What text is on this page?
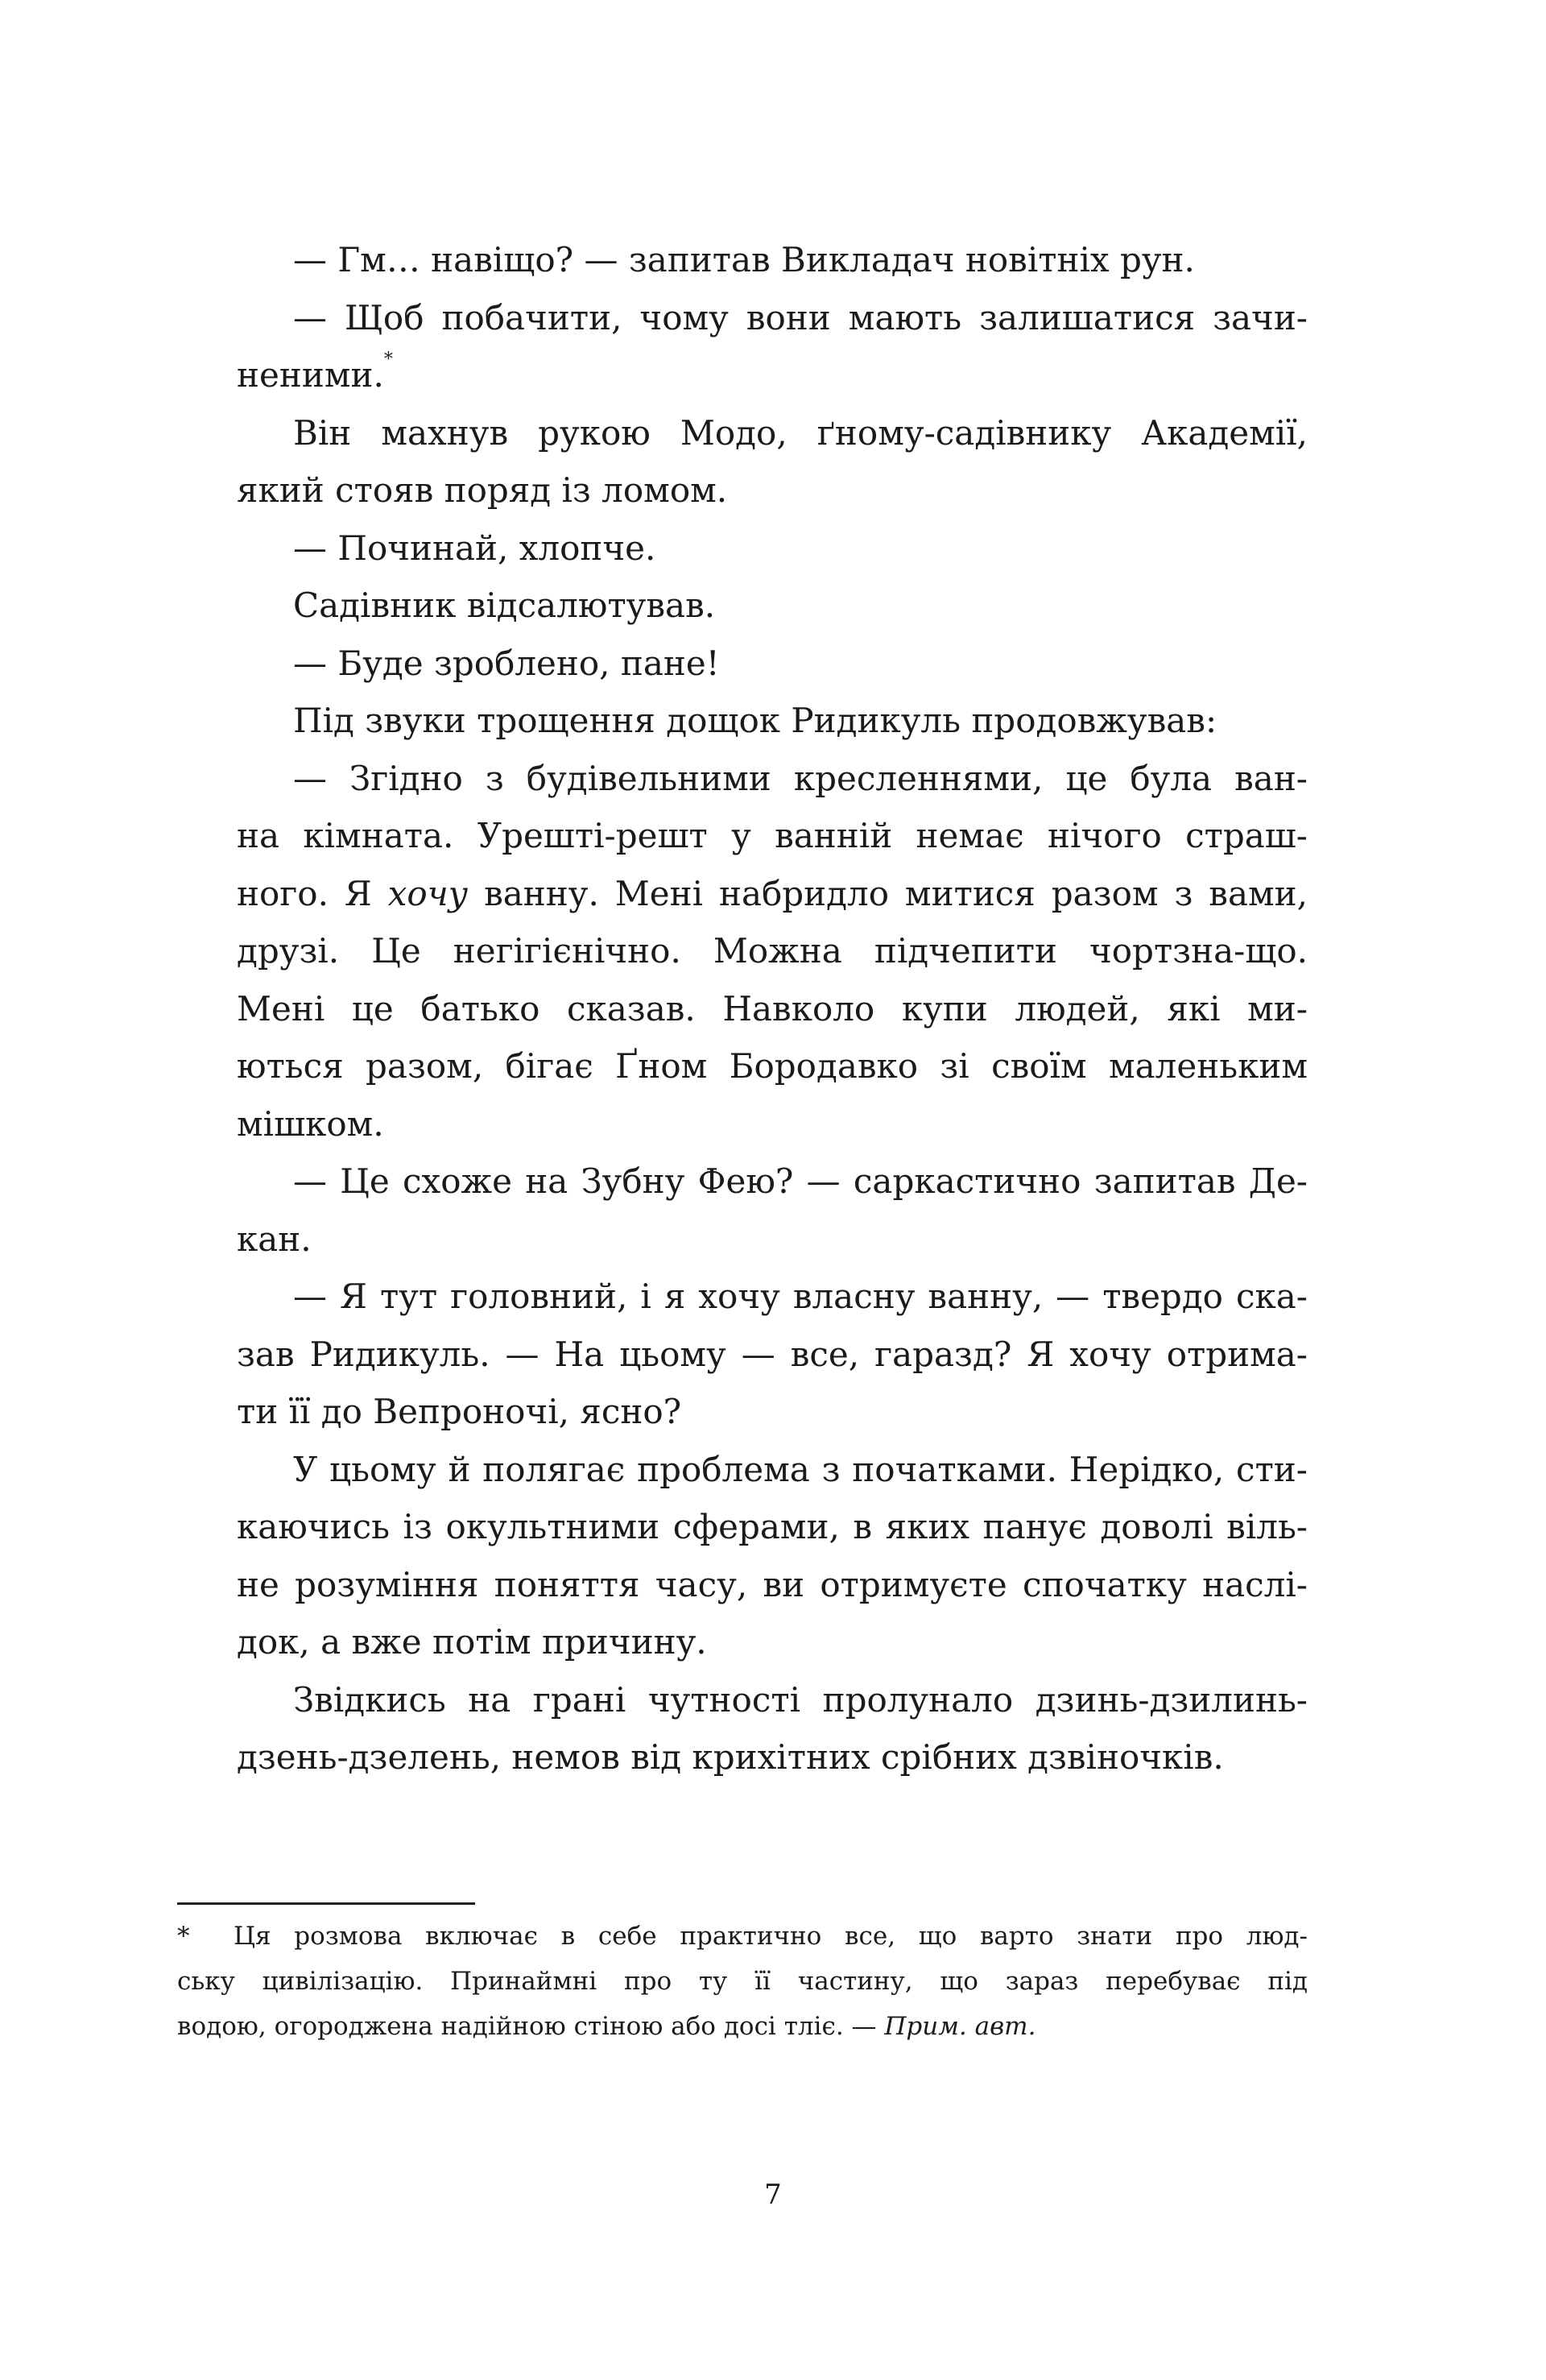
— Гм… навіщо? — запитав Викладач новітніх рун.
— Щоб побачити, чому вони мають залишатися зачи-
неними.*
Він махнув рукою Модо, ґному-садівнику Академії,
який стояв поряд із ломом.
— Починай, хлопче.
Садівник відсалютував.
— Буде зроблено, пане!
Під звуки трощення дощок Ридикуль продовжував:
— Згідно з будівельними кресленнями, це була ван-
на кімната. Урешті-решт у ванній немає нічого страш-
ного. Я хочу ванну. Мені набридло митися разом з вами,
друзі. Це негігієнічно. Можна підчепити чортзна-що.
Мені це батько сказав. Навколо купи людей, які ми-
ються разом, бігає Ґном Бородавко зі своїм маленьким
мішком.
— Це схоже на Зубну Фею? — саркастично запитав Де-
кан.
— Я тут головний, і я хочу власну ванну, — твердо ска-
зав Ридикуль. — На цьому — все, гаразд? Я хочу отрима-
ти її до Вепроночі, ясно?
У цьому й полягає проблема з початками. Нерідко, сти-
каючись із окультними сферами, в яких панує доволі віль-
не розуміння поняття часу, ви отримуєте спочатку наслі-
док, а вже потім причину.
Звідкись на грані чутності пролунало дзинь-дзилинь-
дзень-дзелень, немов від крихітних срібних дзвіночків.
* Ця розмова включає в себе практично все, що варто знати про люд-
ську цивілізацію. Принаймні про ту її частину, що зараз перебуває під
водою, огороджена надійною стіною або досі тліє. — Прим. авт.
7
